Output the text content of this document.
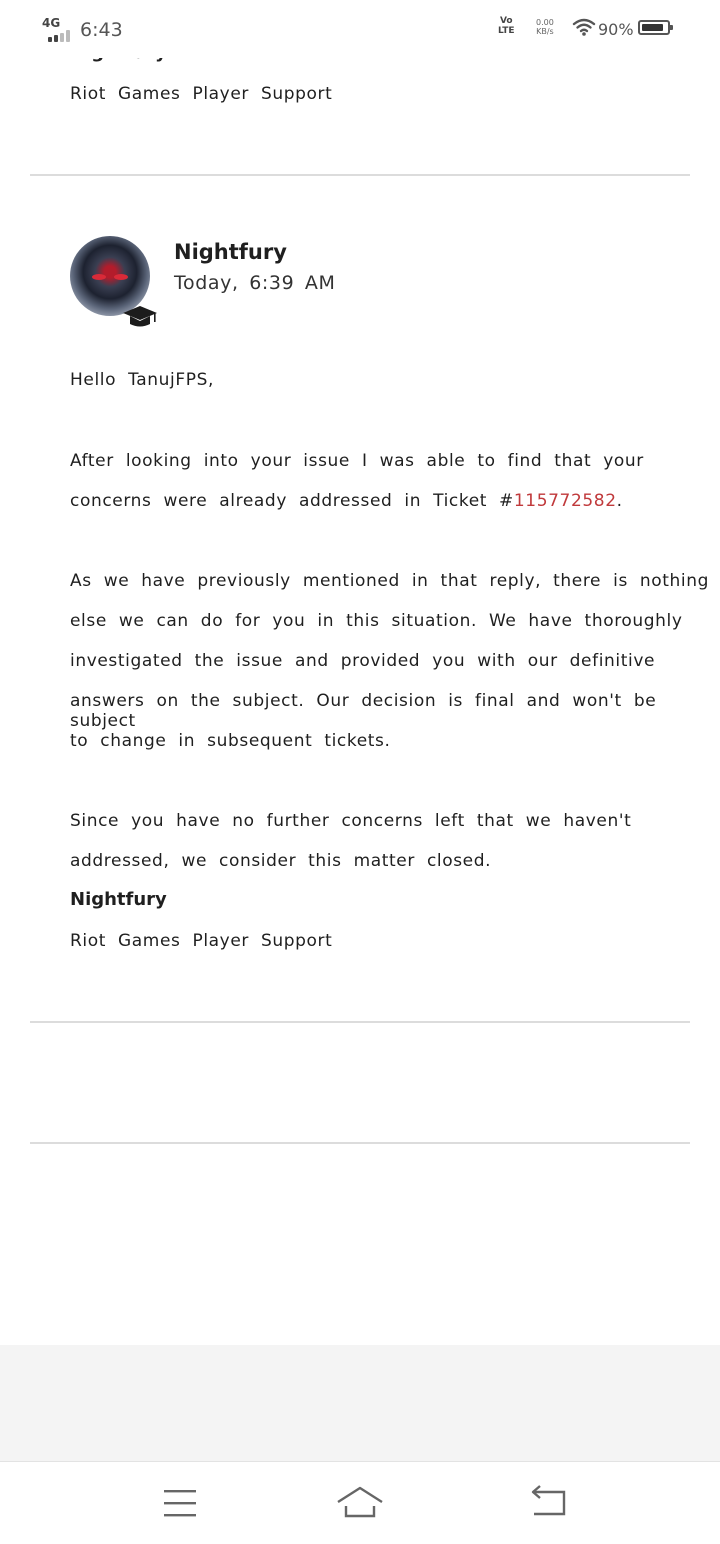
4G 6:43	Vo
LTE
0.00
KB/s	90%
Riot Games Player Support
Nightfury
Today, 6:39 AM
Hello TanujFPS,
After looking into your issue I was able to find that your
concerns were already addressed in Ticket #115772582.
As we have previously mentioned in that reply, there is nothing
else we can do for you in this situation. We have thoroughly
investigated the issue and provided you with our definitive
answers on the subject. Our decision is final and won't be subject
to change in subsequent tickets.
Since you have no further concerns left that we haven't
addressed, we consider this matter closed.
Nightfury
Riot Games Player Support
